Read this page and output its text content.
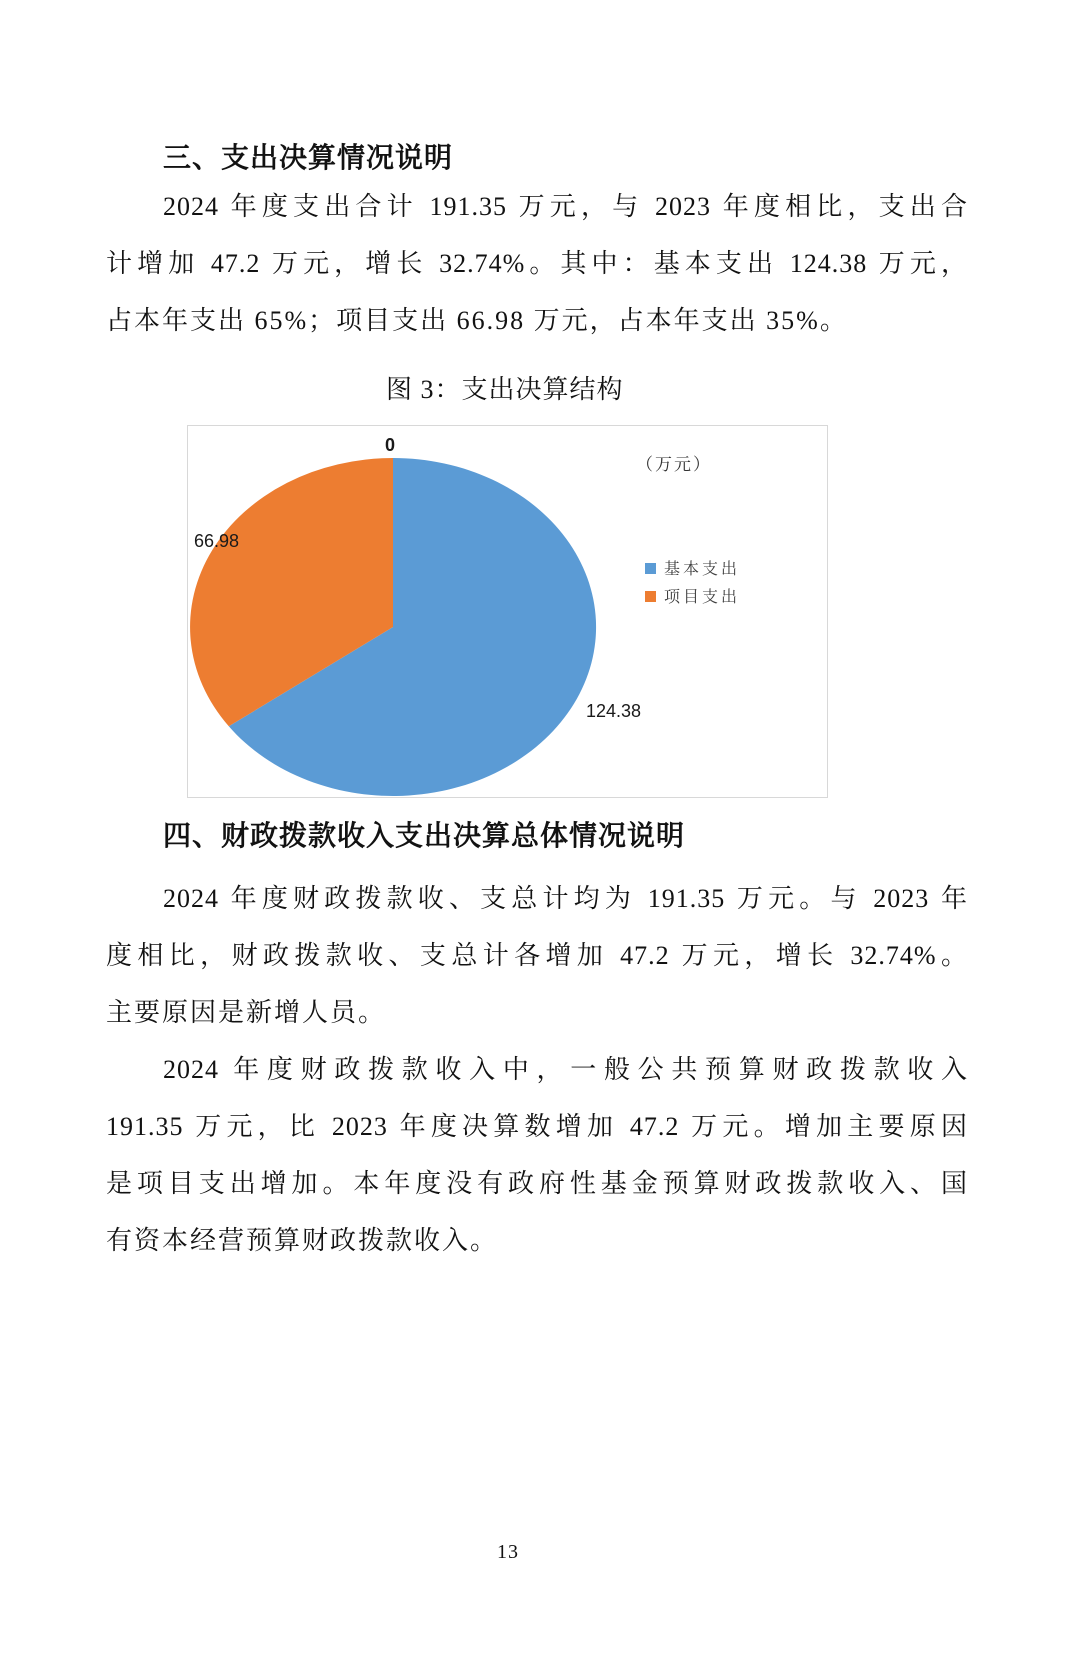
三、支出决算情况说明
2024 年度支出合计 191.35 万元，与 2023 年度相比，支出合
计增加 47.2 万元，增长 32.74%。其中：基本支出 124.38 万元，
占本年支出 65%；项目支出 66.98 万元，占本年支出 35%。
图 3：支出决算结构
0
66.98
124.38
（万元）
基本支出
项目支出
四、财政拨款收入支出决算总体情况说明
2024 年度财政拨款收、支总计均为 191.35 万元。与 2023 年
度相比，财政拨款收、支总计各增加 47.2 万元，增长 32.74%。
主要原因是新增人员。
2024 年度财政拨款收入中，一般公共预算财政拨款收入
191.35 万元，比 2023 年度决算数增加 47.2 万元。增加主要原因
是项目支出增加。本年度没有政府性基金预算财政拨款收入、国
有资本经营预算财政拨款收入。
13
